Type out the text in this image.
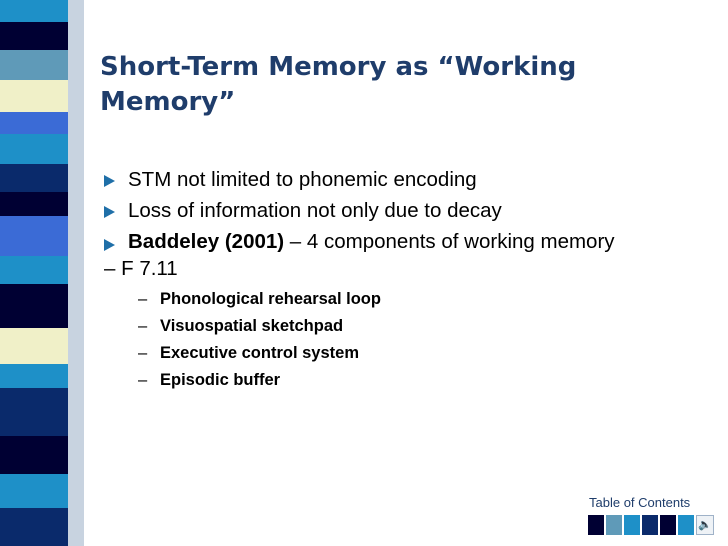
Short-Term Memory as “Working
Memory”
STM not limited to phonemic encoding
Loss of information not only due to decay
Baddeley (2001) – 4 components of working memory
– F 7.11
– Phonological rehearsal loop
– Visuospatial sketchpad
– Executive control system
– Episodic buffer
Table of Contents
🔈
